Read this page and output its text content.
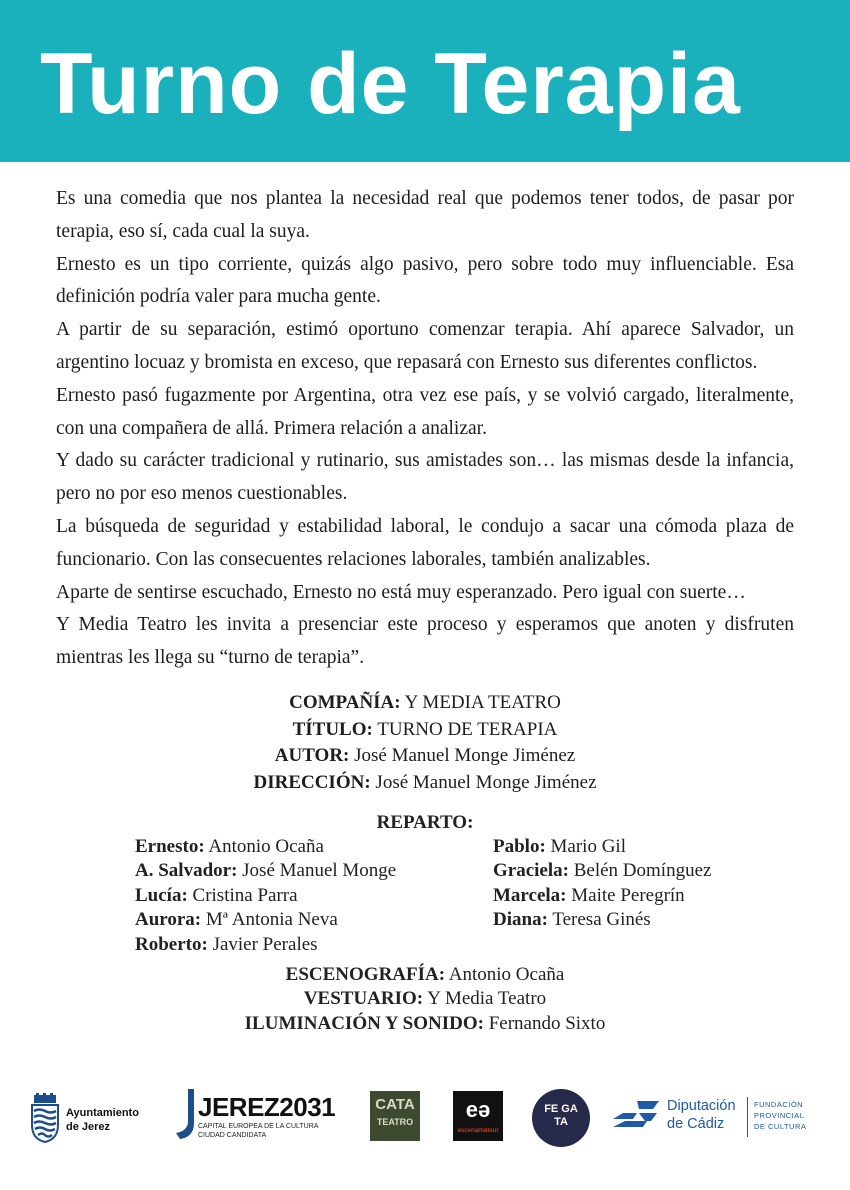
Turno de Terapia

Es una comedia que nos plantea la necesidad real que podemos tener todos, de pasar por terapia, eso sí, cada cual la suya.

Ernesto es un tipo corriente, quizás algo pasivo, pero sobre todo muy influenciable. Esa definición podría valer para mucha gente.

A partir de su separación, estimó oportuno comenzar terapia. Ahí aparece Salvador, un argentino locuaz y bromista en exceso, que repasará con Ernesto sus diferentes conflictos.

Ernesto pasó fugazmente por Argentina, otra vez ese país, y se volvió cargado, literalmente, con una compañera de allá. Primera relación a analizar.

Y dado su carácter tradicional y rutinario, sus amistades son… las mismas desde la infancia, pero no por eso menos cuestionables.

La búsqueda de seguridad y estabilidad laboral, le condujo a sacar una cómoda plaza de funcionario. Con las consecuentes relaciones laborales, también analizables.

Aparte de sentirse escuchado, Ernesto no está muy esperanzado. Pero igual con suerte…

Y Media Teatro les invita a presenciar este proceso y esperamos que anoten y disfruten mientras les llega su “turno de terapia”.

COMPAÑÍA: Y MEDIA TEATRO
TÍTULO: TURNO DE TERAPIA
AUTOR: José Manuel Monge Jiménez
DIRECCIÓN: José Manuel Monge Jiménez
REPARTO:
Ernesto: Antonio Ocaña
A. Salvador: José Manuel Monge
Lucía: Cristina Parra
Aurora: Mª Antonia Neva
Roberto: Javier Perales
Pablo: Mario Gil
Graciela: Belén Domínguez
Marcela: Maite Peregrín
Diana: Teresa Ginés
ESCENOGRAFÍA: Antonio Ocaña
VESTUARIO: Y Media Teatro
ILUMINACIÓN Y SONIDO: Fernando Sixto
Ayuntamiento
de Jerez
JEREZ2031
CAPITAL EUROPEA DE LA CULTURA
CIUDAD CANDIDATA
CATA
TEATRO	eə
escenamateur
FE GA TA
Diputación
de Cádiz
FUNDACIÓN
PROVINCIAL
DE CULTURA
